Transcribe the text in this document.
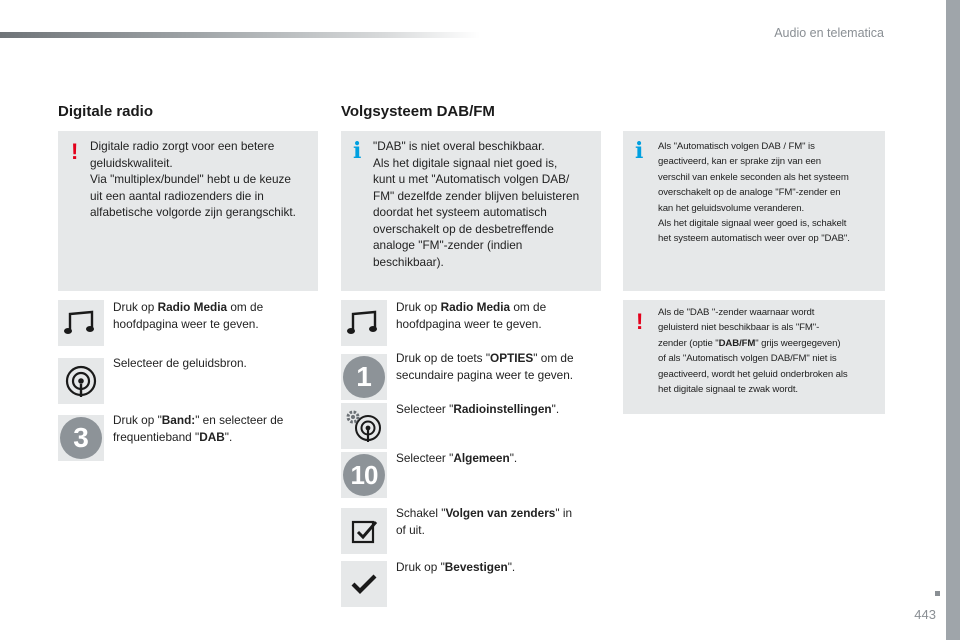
Audio en telematica
Digitale radio
! Digitale radio zorgt voor een betere
geluidskwaliteit.
Via "multiplex/bundel" hebt u de keuze
uit een aantal radiozenders die in
alfabetische volgorde zijn gerangschikt.
Druk op Radio Media om de
hoofdpagina weer te geven.
Selecteer de geluidsbron.
3
Druk op "Band:" en selecteer de
frequentieband "DAB".
Volgsysteem DAB/FM
i "DAB" is niet overal beschikbaar.
Als het digitale signaal niet goed is,
kunt u met "Automatisch volgen DAB/
FM" dezelfde zender blijven beluisteren
doordat het systeem automatisch
overschakelt op de desbetreffende
analoge "FM"-zender (indien
beschikbaar).
Druk op Radio Media om de
hoofdpagina weer te geven.
1
Druk op de toets "OPTIES" om de
secundaire pagina weer te geven.
Selecteer "Radioinstellingen".
10
Selecteer "Algemeen".
Schakel "Volgen van zenders" in
of uit.
Druk op "Bevestigen".
i Als "Automatisch volgen DAB / FM" is
geactiveerd, kan er sprake zijn van een
verschil van enkele seconden als het systeem
overschakelt op de analoge "FM"-zender en
kan het geluidsvolume veranderen.
Als het digitale signaal weer goed is, schakelt
het systeem automatisch weer over op "DAB".
! Als de "DAB "-zender waarnaar wordt
geluisterd niet beschikbaar is als "FM"-
zender (optie "DAB/FM" grijs weergegeven)
of als "Automatisch volgen DAB/FM" niet is
geactiveerd, wordt het geluid onderbroken als
het digitale signaal te zwak wordt.
443
